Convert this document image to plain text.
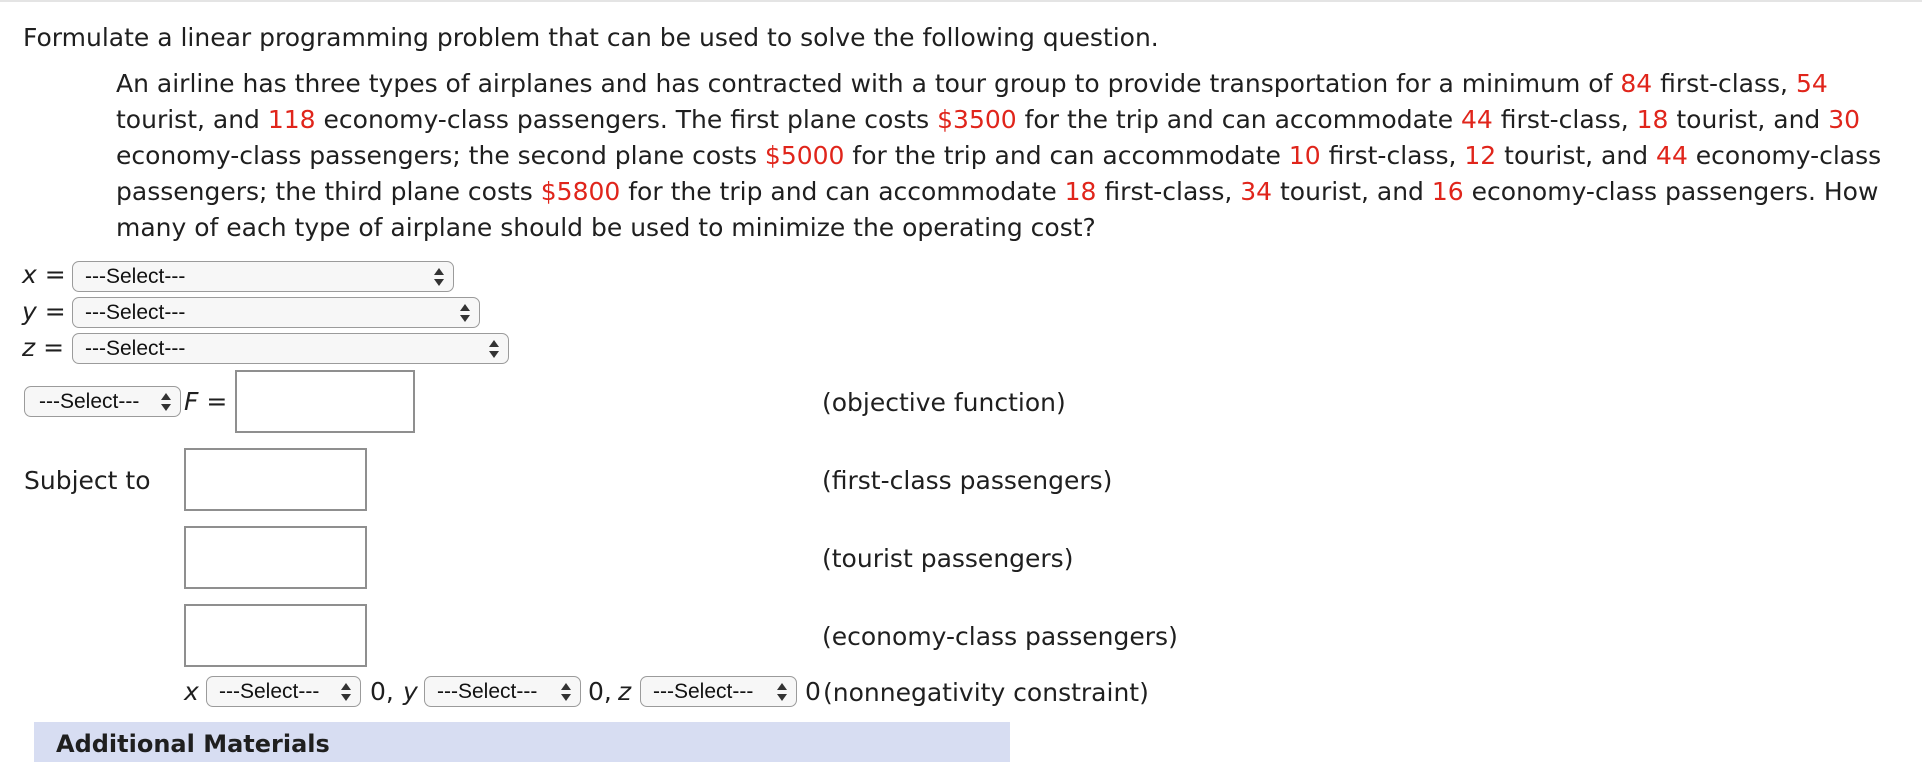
Formulate a linear programming problem that can be used to solve the following question.
An airline has three types of airplanes and has contracted with a tour group to provide transportation for a minimum of 84 first-class, 54 tourist, and 118 economy-class passengers. The first plane costs $3500 for the trip and can accommodate 44 first-class, 18 tourist, and 30 economy-class passengers; the second plane costs $5000 for the trip and can accommodate 10 first-class, 12 tourist, and 44 economy-class passengers; the third plane costs $5800 for the trip and can accommodate 18 first-class, 34 tourist, and 16 economy-class passengers. How many of each type of airplane should be used to minimize the operating cost?
x = ---Select---
y = ---Select---
z = ---Select---
---Select---	F =	(objective function)
Subject to	(first-class passengers)
(tourist passengers)
(economy-class passengers)
x ---Select---	0, y ---Select---	0, z	---Select---	0 (nonnegativity constraint)
Additional Materials
